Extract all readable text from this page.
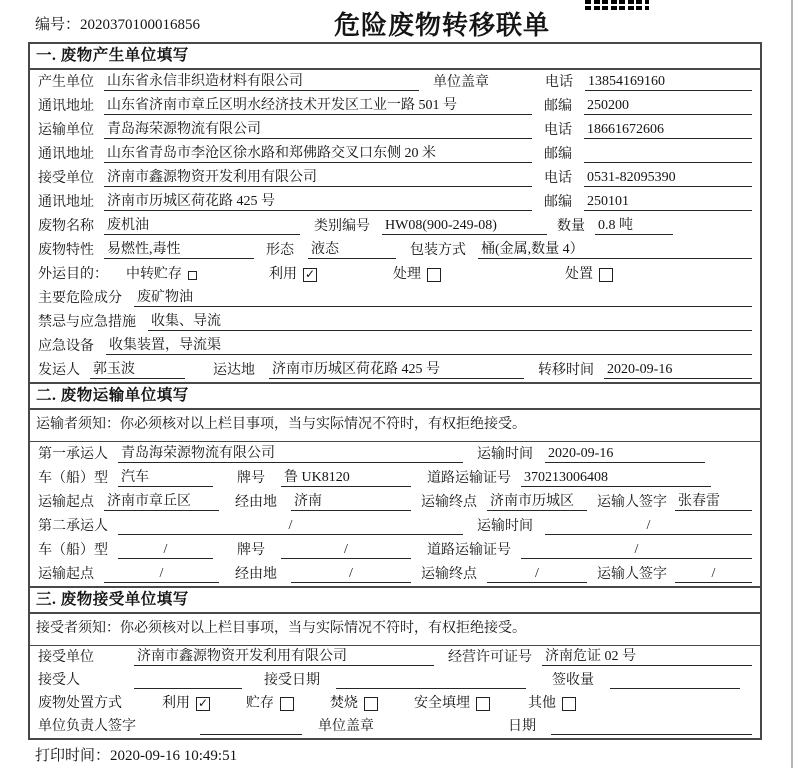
编号：2020370100016856	危险废物转移联单
一. 废物产生单位填写
产生单位 山东省永信非织造材料有限公司	单位盖章	电话 13854169160
通讯地址 山东省济南市章丘区明水经济技术开发区工业一路 501 号	邮编 250200
运输单位 青岛海荣源物流有限公司	电话 18661672606
通讯地址 山东省青岛市李沧区徐水路和郑佛路交叉口东侧 20 米	邮编
接受单位 济南市鑫源物资开发利用有限公司	电话 0531-82095390
通讯地址 济南市历城区荷花路 425 号	邮编 250101
废物名称 废机油	类别编号 HW08(900-249-08)	数量 0.8 吨
废物特性 易燃性,毒性	形态 液态	包装方式 桶(金属,数量 4）
外运目的： 中转贮存	利用 ✓	处理	处置
主要危险成分 废矿物油
禁忌与应急措施 收集、导流
应急设备 收集装置，导流渠
发运人 郭玉波	运达地 济南市历城区荷花路 425 号	转移时间 2020-09-16
二. 废物运输单位填写
运输者须知：你必须核对以上栏目事项，当与实际情况不符时，有权拒绝接受。
第一承运人 青岛海荣源物流有限公司	运输时间 2020-09-16
车（船）型 汽车	牌号 鲁 UK8120	道路运输证号 370213006408
运输起点 济南市章丘区	经由地 济南	运输终点 济南市历城区	运输人签字 张春雷
第二承运人	/	运输时间	/
车（船）型	/	牌号	/	道路运输证号	/
运输起点	/	经由地	/	运输终点	/	运输人签字	/
三. 废物接受单位填写
接受者须知：你必须核对以上栏目事项，当与实际情况不符时，有权拒绝接受。
接受单位	济南市鑫源物资开发利用有限公司	经营许可证号 济南危证 02 号
接受人	接受日期	签收量
废物处置方式	利用 ✓	贮存	焚烧	安全填埋	其他
单位负责人签字	单位盖章	日期
打印时间：2020-09-16 10:49:51
